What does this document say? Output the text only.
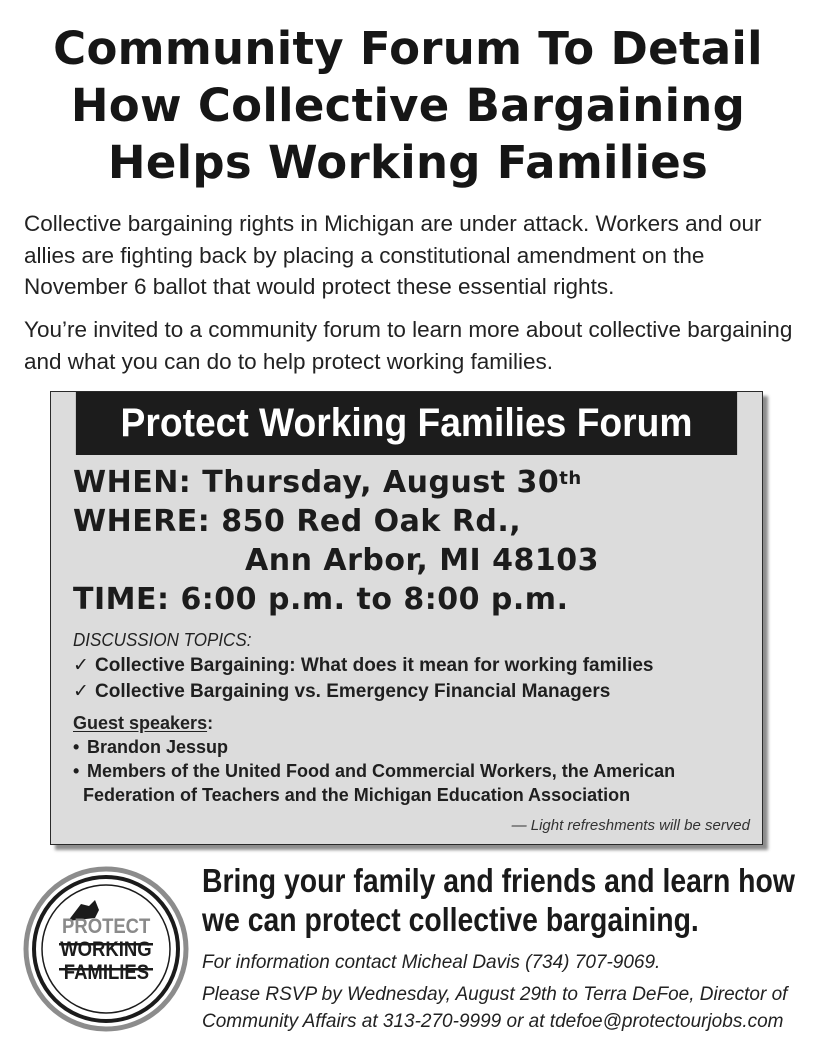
Community Forum To Detail
How Collective Bargaining
Helps Working Families

Collective bargaining rights in Michigan are under attack. Workers and our allies are fighting back by placing a constitutional amendment on the November 6 ballot that would protect these essential rights.

You’re invited to a community forum to learn more about collective bargaining and what you can do to help protect working families.

Protect Working Families Forum
WHEN: Thursday, August 30th
WHERE: 850 Red Oak Rd.,
Ann Arbor, MI 48103
TIME: 6:00 p.m. to 8:00 p.m.
DISCUSSION TOPICS:
✓ Collective Bargaining: What does it mean for working families
✓ Collective Bargaining vs. Emergency Financial Managers
Guest speakers:
• Brandon Jessup
• Members of the United Food and Commercial Workers, the American
Federation of Teachers and the Michigan Education Association
— Light refreshments will be served
PROTECT
WORKING
FAMILIES
Bring your family and friends and learn how
we can protect collective bargaining.

For information contact Micheal Davis (734) 707-9069.

Please RSVP by Wednesday, August 29th to Terra DeFoe, Director of Community Affairs at 313-270-9999 or at tdefoe@protectourjobs.com
